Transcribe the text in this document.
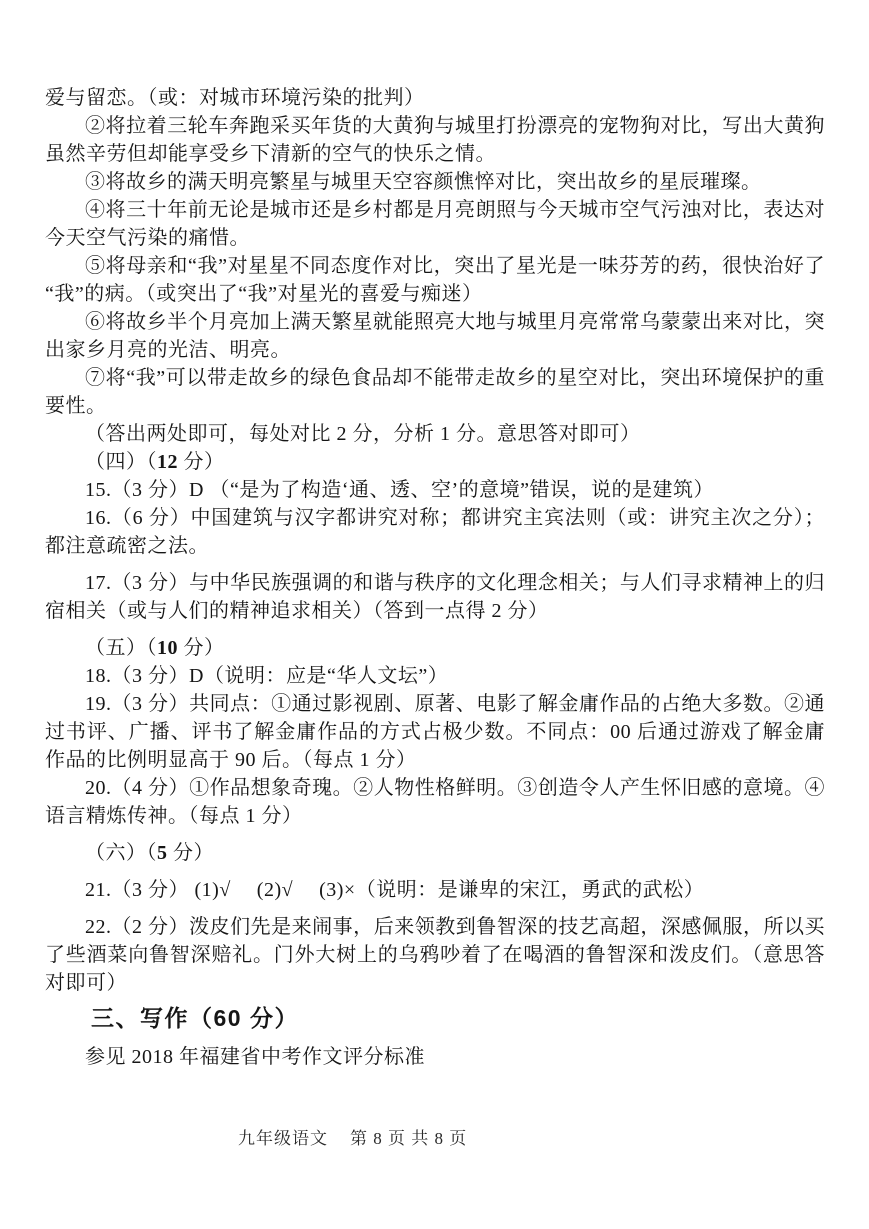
爱与留恋。（或：对城市环境污染的批判）

②将拉着三轮车奔跑采买年货的大黄狗与城里打扮漂亮的宠物狗对比，写出大黄狗虽然辛劳但却能享受乡下清新的空气的快乐之情。

③将故乡的满天明亮繁星与城里天空容颜憔悴对比，突出故乡的星辰璀璨。

④将三十年前无论是城市还是乡村都是月亮朗照与今天城市空气污浊对比，表达对今天空气污染的痛惜。

⑤将母亲和“我”对星星不同态度作对比，突出了星光是一味芬芳的药，很快治好了“我”的病。（或突出了“我”对星光的喜爱与痴迷）

⑥将故乡半个月亮加上满天繁星就能照亮大地与城里月亮常常乌蒙蒙出来对比，突出家乡月亮的光洁、明亮。

⑦将“我”可以带走故乡的绿色食品却不能带走故乡的星空对比，突出环境保护的重要性。

（答出两处即可，每处对比 2 分，分析 1 分。意思答对即可）

（四）（12 分）

15.（3 分）D （“是为了构造‘通、透、空’的意境”错误，说的是建筑）

16.（6 分）中国建筑与汉字都讲究对称；都讲究主宾法则（或：讲究主次之分）；都注意疏密之法。

17.（3 分）与中华民族强调的和谐与秩序的文化理念相关；与人们寻求精神上的归宿相关（或与人们的精神追求相关）（答到一点得 2 分）

（五）（10 分）

18.（3 分）D（说明：应是“华人文坛”）

19.（3 分）共同点：①通过影视剧、原著、电影了解金庸作品的占绝大多数。②通过书评、广播、评书了解金庸作品的方式占极少数。不同点：00 后通过游戏了解金庸作品的比例明显高于 90 后。（每点 1 分）

20.（4 分）①作品想象奇瑰。②人物性格鲜明。③创造令人产生怀旧感的意境。④语言精炼传神。（每点 1 分）

（六）（5 分）

21.（3 分） (1)√　 (2)√　 (3)×（说明：是谦卑的宋江，勇武的武松）

22.（2 分）泼皮们先是来闹事，后来领教到鲁智深的技艺高超，深感佩服，所以买了些酒菜向鲁智深赔礼。门外大树上的乌鸦吵着了在喝酒的鲁智深和泼皮们。（意思答对即可）

三、写作（60 分）

参见 2018 年福建省中考作文评分标准

九年级语文 第 8 页 共 8 页
